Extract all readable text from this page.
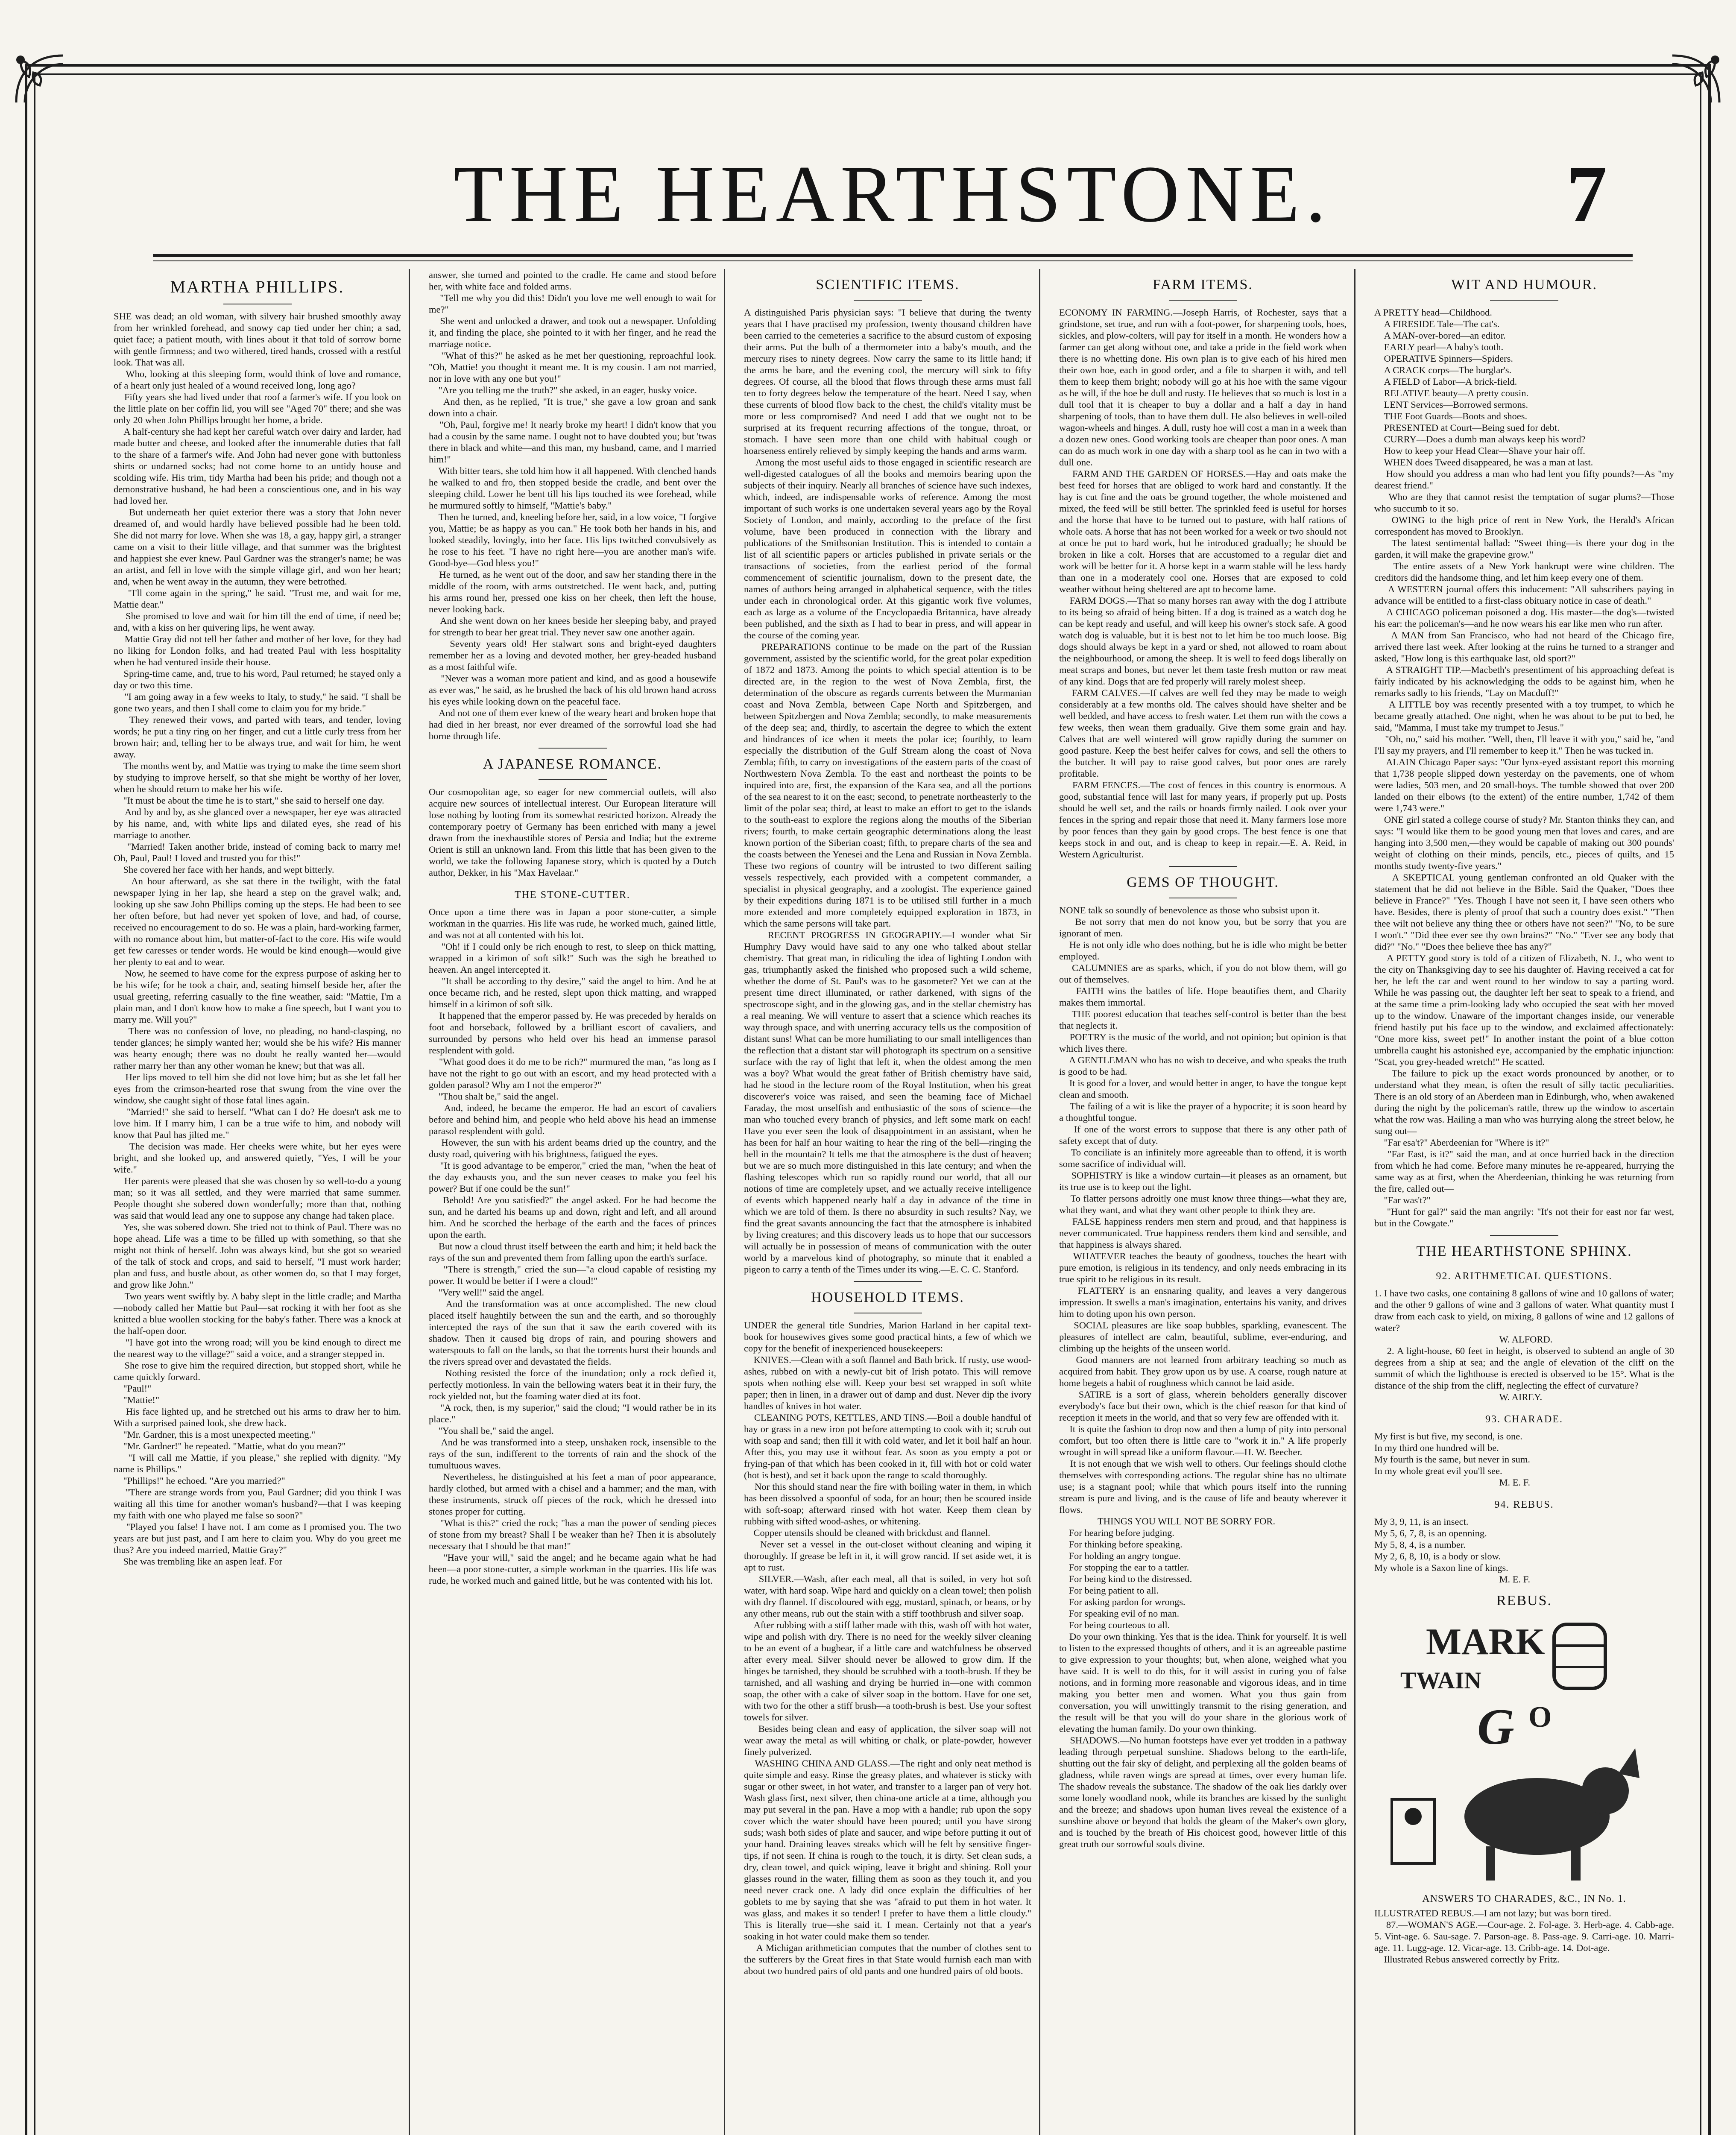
THE HEARTHSTONE.	7
MARTHA PHILLIPS.

SHE was dead; an old woman, with silvery hair brushed smoothly away from her wrinkled forehead, and snowy cap tied under her chin; a sad, quiet face; a patient mouth, with lines about it that told of sorrow borne with gentle firmness; and two withered, tired hands, crossed with a restful look. That was all.
Who, looking at this sleeping form, would think of love and romance, of a heart only just healed of a wound received long, long ago?
Fifty years she had lived under that roof a farmer's wife. If you look on the little plate on her coffin lid, you will see "Aged 70" there; and she was only 20 when John Phillips brought her home, a bride.
A half-century she had kept her careful watch over dairy and larder, had made butter and cheese, and looked after the innumerable duties that fall to the share of a farmer's wife. And John had never gone with buttonless shirts or undarned socks; had not come home to an untidy house and scolding wife. His trim, tidy Martha had been his pride; and though not a demonstrative husband, he had been a conscientious one, and in his way had loved her.
But underneath her quiet exterior there was a story that John never dreamed of, and would hardly have believed possible had he been told. She did not marry for love. When she was 18, a gay, happy girl, a stranger came on a visit to their little village, and that summer was the brightest and happiest she ever knew. Paul Gardner was the stranger's name; he was an artist, and fell in love with the simple village girl, and won her heart; and, when he went away in the autumn, they were betrothed.
"I'll come again in the spring," he said. "Trust me, and wait for me, Mattie dear."
She promised to love and wait for him till the end of time, if need be; and, with a kiss on her quivering lips, he went away.
Mattie Gray did not tell her father and mother of her love, for they had no liking for London folks, and had treated Paul with less hospitality when he had ventured inside their house.
Spring-time came, and, true to his word, Paul returned; he stayed only a day or two this time.
"I am going away in a few weeks to Italy, to study," he said. "I shall be gone two years, and then I shall come to claim you for my bride."
They renewed their vows, and parted with tears, and tender, loving words; he put a tiny ring on her finger, and cut a little curly tress from her brown hair; and, telling her to be always true, and wait for him, he went away.
The months went by, and Mattie was trying to make the time seem short by studying to improve herself, so that she might be worthy of her lover, when he should return to make her his wife.
"It must be about the time he is to start," she said to herself one day.
And by and by, as she glanced over a newspaper, her eye was attracted by his name, and, with white lips and dilated eyes, she read of his marriage to another.
"Married! Taken another bride, instead of coming back to marry me! Oh, Paul, Paul! I loved and trusted you for this!"
She covered her face with her hands, and wept bitterly.
An hour afterward, as she sat there in the twilight, with the fatal newspaper lying in her lap, she heard a step on the gravel walk; and, looking up she saw John Phillips coming up the steps. He had been to see her often before, but had never yet spoken of love, and had, of course, received no encouragement to do so. He was a plain, hard-working farmer, with no romance about him, but matter-of-fact to the core. His wife would get few caresses or tender words. He would be kind enough—would give her plenty to eat and to wear.
Now, he seemed to have come for the express purpose of asking her to be his wife; for he took a chair, and, seating himself beside her, after the usual greeting, referring casually to the fine weather, said: "Mattie, I'm a plain man, and I don't know how to make a fine speech, but I want you to marry me. Will you?"
There was no confession of love, no pleading, no hand-clasping, no tender glances; he simply wanted her; would she be his wife? His manner was hearty enough; there was no doubt he really wanted her—would rather marry her than any other woman he knew; but that was all.
Her lips moved to tell him she did not love him; but as she let fall her eyes from the crimson-hearted rose that swung from the vine over the window, she caught sight of those fatal lines again.
"Married!" she said to herself. "What can I do? He doesn't ask me to love him. If I marry him, I can be a true wife to him, and nobody will know that Paul has jilted me."
The decision was made. Her cheeks were white, but her eyes were bright, and she looked up, and answered quietly, "Yes, I will be your wife."
Her parents were pleased that she was chosen by so well-to-do a young man; so it was all settled, and they were married that same summer. People thought she sobered down wonderfully; more than that, nothing was said that would lead any one to suppose any change had taken place.
Yes, she was sobered down. She tried not to think of Paul. There was no hope ahead. Life was a time to be filled up with something, so that she might not think of herself. John was always kind, but she got so wearied of the talk of stock and crops, and said to herself, "I must work harder; plan and fuss, and bustle about, as other women do, so that I may forget, and grow like John."
Two years went swiftly by. A baby slept in the little cradle; and Martha—nobody called her Mattie but Paul—sat rocking it with her foot as she knitted a blue woollen stocking for the baby's father. There was a knock at the half-open door.
"I have got into the wrong road; will you be kind enough to direct me the nearest way to the village?" said a voice, and a stranger stepped in.
She rose to give him the required direction, but stopped short, while he came quickly forward.
"Paul!"
"Mattie!"
His face lighted up, and he stretched out his arms to draw her to him. With a surprised pained look, she drew back.
"Mr. Gardner, this is a most unexpected meeting."
"Mr. Gardner!" he repeated. "Mattie, what do you mean?"
"I will call me Mattie, if you please," she replied with dignity. "My name is Phillips."
"Phillips!" he echoed. "Are you married?"
"There are strange words from you, Paul Gardner; did you think I was waiting all this time for another woman's husband?—that I was keeping my faith with one who played me false so soon?"
"Played you false! I have not. I am come as I promised you. The two years are but just past, and I am here to claim you. Why do you greet me thus? Are you indeed married, Mattie Gray?"
She was trembling like an aspen leaf. For

answer, she turned and pointed to the cradle. He came and stood before her, with white face and folded arms.
"Tell me why you did this! Didn't you love me well enough to wait for me?"
She went and unlocked a drawer, and took out a newspaper. Unfolding it, and finding the place, she pointed to it with her finger, and he read the marriage notice.
"What of this?" he asked as he met her questioning, reproachful look. "Oh, Mattie! you thought it meant me. It is my cousin. I am not married, nor in love with any one but you!"
"Are you telling me the truth?" she asked, in an eager, husky voice.
And then, as he replied, "It is true," she gave a low groan and sank down into a chair.
"Oh, Paul, forgive me! It nearly broke my heart! I didn't know that you had a cousin by the same name. I ought not to have doubted you; but 'twas there in black and white—and this man, my husband, came, and I married him!"
With bitter tears, she told him how it all happened. With clenched hands he walked to and fro, then stopped beside the cradle, and bent over the sleeping child. Lower he bent till his lips touched its wee forehead, while he murmured softly to himself, "Mattie's baby."
Then he turned, and, kneeling before her, said, in a low voice, "I forgive you, Mattie; be as happy as you can." He took both her hands in his, and looked steadily, lovingly, into her face. His lips twitched convulsively as he rose to his feet. "I have no right here—you are another man's wife. Good-bye—God bless you!"
He turned, as he went out of the door, and saw her standing there in the middle of the room, with arms outstretched. He went back, and, putting his arms round her, pressed one kiss on her cheek, then left the house, never looking back.
And she went down on her knees beside her sleeping baby, and prayed for strength to bear her great trial. They never saw one another again.
Seventy years old! Her stalwart sons and bright-eyed daughters remember her as a loving and devoted mother, her grey-headed husband as a most faithful wife.
"Never was a woman more patient and kind, and as good a housewife as ever was," he said, as he brushed the back of his old brown hand across his eyes while looking down on the peaceful face.
And not one of them ever knew of the weary heart and broken hope that had died in her breast, nor ever dreamed of the sorrowful load she had borne through life.

A JAPANESE ROMANCE.

Our cosmopolitan age, so eager for new commercial outlets, will also acquire new sources of intellectual interest. Our European literature will lose nothing by looting from its somewhat restricted horizon. Already the contemporary poetry of Germany has been enriched with many a jewel drawn from the inexhaustible stores of Persia and India; but the extreme Orient is still an unknown land. From this little that has been given to the world, we take the following Japanese story, which is quoted by a Dutch author, Dekker, in his "Max Havelaar."

THE STONE-CUTTER.

Once upon a time there was in Japan a poor stone-cutter, a simple workman in the quarries. His life was rude, he worked much, gained little, and was not at all contented with his lot.
"Oh! if I could only be rich enough to rest, to sleep on thick matting, wrapped in a kirimon of soft silk!" Such was the sigh he breathed to heaven. An angel intercepted it.
"It shall be according to thy desire," said the angel to him. And he at once became rich, and he rested, slept upon thick matting, and wrapped himself in a kirimon of soft silk.
It happened that the emperor passed by. He was preceded by heralds on foot and horseback, followed by a brilliant escort of cavaliers, and surrounded by persons who held over his head an immense parasol resplendent with gold.
"What good does it do me to be rich?" murmured the man, "as long as I have not the right to go out with an escort, and my head protected with a golden parasol? Why am I not the emperor?"
"Thou shalt be," said the angel.
And, indeed, he became the emperor. He had an escort of cavaliers before and behind him, and people who held above his head an immense parasol resplendent with gold.
However, the sun with his ardent beams dried up the country, and the dusty road, quivering with his brightness, fatigued the eyes.
"It is good advantage to be emperor," cried the man, "when the heat of the day exhausts you, and the sun never ceases to make you feel his power? But if one could be the sun!"
Behold! Are you satisfied?" the angel asked. For he had become the sun, and he darted his beams up and down, right and left, and all around him. And he scorched the herbage of the earth and the faces of princes upon the earth.
But now a cloud thrust itself between the earth and him; it held back the rays of the sun and prevented them from falling upon the earth's surface.
"There is strength," cried the sun—"a cloud capable of resisting my power. It would be better if I were a cloud!"
"Very well!" said the angel.
And the transformation was at once accomplished. The new cloud placed itself haughtily between the sun and the earth, and so thoroughly intercepted the rays of the sun that it saw the earth covered with its shadow. Then it caused big drops of rain, and pouring showers and waterspouts to fall on the lands, so that the torrents burst their bounds and the rivers spread over and devastated the fields.
Nothing resisted the force of the inundation; only a rock defied it, perfectly motionless. In vain the bellowing waters beat it in their fury, the rock yielded not, but the foaming water died at its foot.
"A rock, then, is my superior," said the cloud; "I would rather be in its place."
"You shall be," said the angel.
And he was transformed into a steep, unshaken rock, insensible to the rays of the sun, indifferent to the torrents of rain and the shock of the tumultuous waves.
Nevertheless, he distinguished at his feet a man of poor appearance, hardly clothed, but armed with a chisel and a hammer; and the man, with these instruments, struck off pieces of the rock, which he dressed into stones proper for cutting.
"What is this?" cried the rock; "has a man the power of sending pieces of stone from my breast? Shall I be weaker than he? Then it is absolutely necessary that I should be that man!"
"Have your will," said the angel; and he became again what he had been—a poor stone-cutter, a simple workman in the quarries. His life was rude, he worked much and gained little, but he was contented with his lot.

SCIENTIFIC ITEMS.

A distinguished Paris physician says: "I believe that during the twenty years that I have practised my profession, twenty thousand children have been carried to the cemeteries a sacrifice to the absurd custom of exposing their arms. Put the bulb of a thermometer into a baby's mouth, and the mercury rises to ninety degrees. Now carry the same to its little hand; if the arms be bare, and the evening cool, the mercury will sink to fifty degrees. Of course, all the blood that flows through these arms must fall ten to forty degrees below the temperature of the heart. Need I say, when these currents of blood flow back to the chest, the child's vitality must be more or less compromised? And need I add that we ought not to be surprised at its frequent recurring affections of the tongue, throat, or stomach. I have seen more than one child with habitual cough or hoarseness entirely relieved by simply keeping the hands and arms warm.
Among the most useful aids to those engaged in scientific research are well-digested catalogues of all the books and memoirs bearing upon the subjects of their inquiry. Nearly all branches of science have such indexes, which, indeed, are indispensable works of reference. Among the most important of such works is one undertaken several years ago by the Royal Society of London, and mainly, according to the preface of the first volume, have been produced in connection with the library and publications of the Smithsonian Institution. This is intended to contain a list of all scientific papers or articles published in private serials or the transactions of societies, from the earliest period of the formal commencement of scientific journalism, down to the present date, the names of authors being arranged in alphabetical sequence, with the titles under each in chronological order. At this gigantic work five volumes, each as large as a volume of the Encyclopaedia Britannica, have already been published, and the sixth as I had to bear in press, and will appear in the course of the coming year.
PREPARATIONS continue to be made on the part of the Russian government, assisted by the scientific world, for the great polar expedition of 1872 and 1873. Among the points to which special attention is to be directed are, in the region to the west of Nova Zembla, first, the determination of the obscure as regards currents between the Murmanian coast and Nova Zembla, between Cape North and Spitzbergen, and between Spitzbergen and Nova Zembla; secondly, to make measurements of the deep sea; and, thirdly, to ascertain the degree to which the extent and hindrances of ice when it meets the polar ice; fourthly, to learn especially the distribution of the Gulf Stream along the coast of Nova Zembla; fifth, to carry on investigations of the eastern parts of the coast of Northwestern Nova Zembla. To the east and northeast the points to be inquired into are, first, the expansion of the Kara sea, and all the portions of the sea nearest to it on the east; second, to penetrate northeasterly to the limit of the polar sea; third, at least to make an effort to get to the islands to the south-east to explore the regions along the mouths of the Siberian rivers; fourth, to make certain geographic determinations along the least known portion of the Siberian coast; fifth, to prepare charts of the sea and the coasts between the Yenesei and the Lena and Russian in Nova Zembla. These two regions of country will be intrusted to two different sailing vessels respectively, each provided with a competent commander, a specialist in physical geography, and a zoologist. The experience gained by their expeditions during 1871 is to be utilised still further in a much more extended and more completely equipped exploration in 1873, in which the same persons will take part.
RECENT PROGRESS IN GEOGRAPHY.—I wonder what Sir Humphry Davy would have said to any one who talked about stellar chemistry. That great man, in ridiculing the idea of lighting London with gas, triumphantly asked the finished who proposed such a wild scheme, whether the dome of St. Paul's was to be gasometer? Yet we can at the present time direct illuminated, or rather darkened, with signs of the spectroscope sight, and in the glowing gas, and in the stellar chemistry has a real meaning. We will venture to assert that a science which reaches its way through space, and with unerring accuracy tells us the composition of distant suns! What can be more humiliating to our small intelligences than the reflection that a distant star will photograph its spectrum on a sensitive surface with the ray of light that left it, when the oldest among the men was a boy? What would the great father of British chemistry have said, had he stood in the lecture room of the Royal Institution, when his great discoverer's voice was raised, and seen the beaming face of Michael Faraday, the most unselfish and enthusiastic of the sons of science—the man who touched every branch of physics, and left some mark on each! Have you ever seen the look of disappointment in an assistant, when he has been for half an hour waiting to hear the ring of the bell—ringing the bell in the mountain? It tells me that the atmosphere is the dust of heaven; but we are so much more distinguished in this late century; and when the flashing telescopes which run so rapidly round our world, that all our notions of time are completely upset, and we actually receive intelligence of events which happened nearly half a day in advance of the time in which we are told of them. Is there no absurdity in such results? Nay, we find the great savants announcing the fact that the atmosphere is inhabited by living creatures; and this discovery leads us to hope that our successors will actually be in possession of means of communication with the outer world by a marvelous kind of photography, so minute that it enabled a pigeon to carry a tenth of the Times under its wing.—E. C. C. Stanford.

HOUSEHOLD ITEMS.

UNDER the general title Sundries, Marion Harland in her capital text-book for housewives gives some good practical hints, a few of which we copy for the benefit of inexperienced housekeepers:
KNIVES.—Clean with a soft flannel and Bath brick. If rusty, use wood-ashes, rubbed on with a newly-cut bit of Irish potato. This will remove spots when nothing else will. Keep your best set wrapped in soft white paper; then in linen, in a drawer out of damp and dust. Never dip the ivory handles of knives in hot water.
CLEANING POTS, KETTLES, AND TINS.—Boil a double handful of hay or grass in a new iron pot before attempting to cook with it; scrub out with soap and sand; then fill it with cold water, and let it boil half an hour. After this, you may use it without fear. As soon as you empty a pot or frying-pan of that which has been cooked in it, fill with hot or cold water (hot is best), and set it back upon the range to scald thoroughly.
Nor this should stand near the fire with boiling water in them, in which has been dissolved a spoonful of soda, for an hour; then be scoured inside with soft-soap; afterward rinsed with hot water. Keep them clean by rubbing with sifted wood-ashes, or whitening.
Copper utensils should be cleaned with brickdust and flannel.
Never set a vessel in the out-closet without cleaning and wiping it thoroughly. If grease be left in it, it will grow rancid. If set aside wet, it is apt to rust.
SILVER.—Wash, after each meal, all that is soiled, in very hot soft water, with hard soap. Wipe hard and quickly on a clean towel; then polish with dry flannel. If discoloured with egg, mustard, spinach, or beans, or by any other means, rub out the stain with a stiff toothbrush and silver soap.
After rubbing with a stiff lather made with this, wash off with hot water, wipe and polish with dry. There is no need for the weekly silver cleaning to be an event of a bugbear, if a little care and watchfulness be observed after every meal. Silver should never be allowed to grow dim. If the hinges be tarnished, they should be scrubbed with a tooth-brush. If they be tarnished, and all washing and drying be hurried in—one with common soap, the other with a cake of silver soap in the bottom. Have for one set, with two for the other a stiff brush—a tooth-brush is best. Use your softest towels for silver.
Besides being clean and easy of application, the silver soap will not wear away the metal as will whiting or chalk, or plate-powder, however finely pulverized.
WASHING CHINA AND GLASS.—The right and only neat method is quite simple and easy. Rinse the greasy plates, and whatever is sticky with sugar or other sweet, in hot water, and transfer to a larger pan of very hot. Wash glass first, next silver, then china-one article at a time, although you may put several in the pan. Have a mop with a handle; rub upon the sopy cover which the water should have been poured; until you have strong suds; wash both sides of plate and saucer, and wipe before putting it out of your hand. Draining leaves streaks which will be felt by sensitive finger-tips, if not seen. If china is rough to the touch, it is dirty. Set clean suds, a dry, clean towel, and quick wiping, leave it bright and shining. Roll your glasses round in the water, filling them as soon as they touch it, and you need never crack one. A lady did once explain the difficulties of her goblets to me by saying that she was "afraid to put them in hot water. It was glass, and makes it so tender! I prefer to have them a little cloudy." This is literally true—she said it. I mean. Certainly not that a year's soaking in hot water could make them so tender.
A Michigan arithmetician computes that the number of clothes sent to the sufferers by the Great fires in that State would furnish each man with about two hundred pairs of old pants and one hundred pairs of old boots.

FARM ITEMS.

ECONOMY IN FARMING.—Joseph Harris, of Rochester, says that a grindstone, set true, and run with a foot-power, for sharpening tools, hoes, sickles, and plow-colters, will pay for itself in a month. He wonders how a farmer can get along without one, and take a pride in the field work when there is no whetting done. His own plan is to give each of his hired men their own hoe, each in good order, and a file to sharpen it with, and tell them to keep them bright; nobody will go at his hoe with the same vigour as he will, if the hoe be dull and rusty. He believes that so much is lost in a dull tool that it is cheaper to buy a dollar and a half a day in hand sharpening of tools, than to have them dull. He also believes in well-oiled wagon-wheels and hinges. A dull, rusty hoe will cost a man in a week than a dozen new ones. Good working tools are cheaper than poor ones. A man can do as much work in one day with a sharp tool as he can in two with a dull one.
FARM AND THE GARDEN OF HORSES.—Hay and oats make the best feed for horses that are obliged to work hard and constantly. If the hay is cut fine and the oats be ground together, the whole moistened and mixed, the feed will be still better. The sprinkled feed is useful for horses and the horse that have to be turned out to pasture, with half rations of whole oats. A horse that has not been worked for a week or two should not at once be put to hard work, but be introduced gradually; he should be broken in like a colt. Horses that are accustomed to a regular diet and work will be better for it. A horse kept in a warm stable will be less hardy than one in a moderately cool one. Horses that are exposed to cold weather without being sheltered are apt to become lame.
FARM DOGS.—That so many horses ran away with the dog I attribute to its being so afraid of being bitten. If a dog is trained as a watch dog he can be kept ready and useful, and will keep his owner's stock safe. A good watch dog is valuable, but it is best not to let him be too much loose. Big dogs should always be kept in a yard or shed, not allowed to roam about the neighbourhood, or among the sheep. It is well to feed dogs liberally on meat scraps and bones, but never let them taste fresh mutton or raw meat of any kind. Dogs that are fed properly will rarely molest sheep.
FARM CALVES.—If calves are well fed they may be made to weigh considerably at a few months old. The calves should have shelter and be well bedded, and have access to fresh water. Let them run with the cows a few weeks, then wean them gradually. Give them some grain and hay. Calves that are well wintered will grow rapidly during the summer on good pasture. Keep the best heifer calves for cows, and sell the others to the butcher. It will pay to raise good calves, but poor ones are rarely profitable.
FARM FENCES.—The cost of fences in this country is enormous. A good, substantial fence will last for many years, if properly put up. Posts should be well set, and the rails or boards firmly nailed. Look over your fences in the spring and repair those that need it. Many farmers lose more by poor fences than they gain by good crops. The best fence is one that keeps stock in and out, and is cheap to keep in repair.—E. A. Reid, in Western Agriculturist.

GEMS OF THOUGHT.

NONE talk so soundly of benevolence as those who subsist upon it.
Be not sorry that men do not know you, but be sorry that you are ignorant of men.
He is not only idle who does nothing, but he is idle who might be better employed.
CALUMNIES are as sparks, which, if you do not blow them, will go out of themselves.
FAITH wins the battles of life. Hope beautifies them, and Charity makes them immortal.
THE poorest education that teaches self-control is better than the best that neglects it.
POETRY is the music of the world, and not opinion; but opinion is that which lives there.
A GENTLEMAN who has no wish to deceive, and who speaks the truth is good to be had.
It is good for a lover, and would better in anger, to have the tongue kept clean and smooth.
The failing of a wit is like the prayer of a hypocrite; it is soon heard by a thoughtful tongue.
If one of the worst errors to suppose that there is any other path of safety except that of duty.
To conciliate is an infinitely more agreeable than to offend, it is worth some sacrifice of individual will.
SOPHISTRY is like a window curtain—it pleases as an ornament, but its true use is to keep out the light.
To flatter persons adroitly one must know three things—what they are, what they want, and what they want other people to think they are.
FALSE happiness renders men stern and proud, and that happiness is never communicated. True happiness renders them kind and sensible, and that happiness is always shared.
WHATEVER teaches the beauty of goodness, touches the heart with pure emotion, is religious in its tendency, and only needs embracing in its true spirit to be religious in its result.
FLATTERY is an ensnaring quality, and leaves a very dangerous impression. It swells a man's imagination, entertains his vanity, and drives him to doting upon his own person.
SOCIAL pleasures are like soap bubbles, sparkling, evanescent. The pleasures of intellect are calm, beautiful, sublime, ever-enduring, and climbing up the heights of the unseen world.
Good manners are not learned from arbitrary teaching so much as acquired from habit. They grow upon us by use. A coarse, rough nature at home begets a habit of roughness which cannot be laid aside.
SATIRE is a sort of glass, wherein beholders generally discover everybody's face but their own, which is the chief reason for that kind of reception it meets in the world, and that so very few are offended with it.
It is quite the fashion to drop now and then a lump of pity into personal comfort, but too often there is little care to "work it in." A life properly wrought in will spread like a uniform flavour.—H. W. Beecher.
It is not enough that we wish well to others. Our feelings should clothe themselves with corresponding actions. The regular shine has no ultimate use; is a stagnant pool; while that which pours itself into the running stream is pure and living, and is the cause of life and beauty wherever it flows.
THINGS YOU WILL NOT BE SORRY FOR.
For hearing before judging.
For thinking before speaking.
For holding an angry tongue.
For stopping the ear to a tattler.
For being kind to the distressed.
For being patient to all.
For asking pardon for wrongs.
For speaking evil of no man.
For being courteous to all.
Do your own thinking. Yes that is the idea. Think for yourself. It is well to listen to the expressed thoughts of others, and it is an agreeable pastime to give expression to your thoughts; but, when alone, weighed what you have said. It is well to do this, for it will assist in curing you of false notions, and in forming more reasonable and vigorous ideas, and in time making you better men and women. What you thus gain from conversation, you will unwittingly transmit to the rising generation, and the result will be that you will do your share in the glorious work of elevating the human family. Do your own thinking.
SHADOWS.—No human footsteps have ever yet trodden in a pathway leading through perpetual sunshine. Shadows belong to the earth-life, shutting out the fair sky of delight, and perplexing all the golden beams of gladness, while raven wings are spread at times, over every human life. The shadow reveals the substance. The shadow of the oak lies darkly over some lonely woodland nook, while its branches are kissed by the sunlight and the breeze; and shadows upon human lives reveal the existence of a sunshine above or beyond that holds the gleam of the Maker's own glory, and is touched by the breath of His choicest good, however little of this great truth our sorrowful souls divine.

WIT AND HUMOUR.

A PRETTY head—Childhood.
A FIRESIDE Tale—The cat's.
A MAN-over-bored—an editor.
EARLY pearl—A baby's tooth.
OPERATIVE Spinners—Spiders.
A CRACK corps—The burglar's.
A FIELD of Labor—A brick-field.
RELATIVE beauty—A pretty cousin.
LENT Services—Borrowed sermons.
THE Foot Guards—Boots and shoes.
PRESENTED at Court—Being sued for debt.
CURRY—Does a dumb man always keep his word?
How to keep your Head Clear—Shave your hair off.
WHEN does Tweed disappeared, he was a man at last.
How should you address a man who had lent you fifty pounds?—As "my dearest friend."
Who are they that cannot resist the temptation of sugar plums?—Those who succumb to it so.
OWING to the high price of rent in New York, the Herald's African correspondent has moved to Brooklyn.
The latest sentimental ballad: "Sweet thing—is there your dog in the garden, it will make the grapevine grow."
The entire assets of a New York bankrupt were wine children. The creditors did the handsome thing, and let him keep every one of them.
A WESTERN journal offers this inducement: "All subscribers paying in advance will be entitled to a first-class obituary notice in case of death."
A CHICAGO policeman poisoned a dog. His master—the dog's—twisted his ear: the policeman's—and he now wears his ear like men who run after.
A MAN from San Francisco, who had not heard of the Chicago fire, arrived there last week. After looking at the ruins he turned to a stranger and asked, "How long is this earthquake last, old sport?"
A STRAIGHT TIP.—Macbeth's presentiment of his approaching defeat is fairly indicated by his acknowledging the odds to be against him, when he remarks sadly to his friends, "Lay on Macduff!"
A LITTLE boy was recently presented with a toy trumpet, to which he became greatly attached. One night, when he was about to be put to bed, he said, "Mamma, I must take my trumpet to Jesus."
"Oh, no," said his mother. "Well, then, I'll leave it with you," said he, "and I'll say my prayers, and I'll remember to keep it." Then he was tucked in.
ALAIN Chicago Paper says: "Our lynx-eyed assistant report this morning that 1,738 people slipped down yesterday on the pavements, one of whom were ladies, 503 men, and 20 small-boys. The tumble showed that over 200 landed on their elbows (to the extent) of the entire number, 1,742 of them were 1,743 were."
ONE girl stated a college course of study? Mr. Stanton thinks they can, and says: "I would like them to be good young men that loves and cares, and are hanging into 3,500 men,—they would be capable of making out 300 pounds' weight of clothing on their minds, pencils, etc., pieces of quilts, and 15 months study twenty-five years."
A SKEPTICAL young gentleman confronted an old Quaker with the statement that he did not believe in the Bible. Said the Quaker, "Does thee believe in France?" "Yes. Though I have not seen it, I have seen others who have. Besides, there is plenty of proof that such a country does exist." "Then thee wilt not believe any thing thee or others have not seen?" "No, to be sure I won't." "Did thee ever see thy own brains?" "No." "Ever see any body that did?" "No." "Does thee believe thee has any?"
A PETTY good story is told of a citizen of Elizabeth, N. J., who went to the city on Thanksgiving day to see his daughter of. Having received a cat for her, he left the car and went round to her window to say a parting word. While he was passing out, the daughter left her seat to speak to a friend, and at the same time a prim-looking lady who occupied the seat with her moved up to the window. Unaware of the important changes inside, our venerable friend hastily put his face up to the window, and exclaimed affectionately: "One more kiss, sweet pet!" In another instant the point of a blue cotton umbrella caught his astonished eye, accompanied by the emphatic injunction: "Scat, you grey-headed wretch!" He scatted.
The failure to pick up the exact words pronounced by another, or to understand what they mean, is often the result of silly tactic peculiarities. There is an old story of an Aberdeen man in Edinburgh, who, when awakened during the night by the policeman's rattle, threw up the window to ascertain what the row was. Hailing a man who was hurrying along the street below, he sung out—
"Far esa't?" Aberdeenian for "Where is it?"
"Far East, is it?" said the man, and at once hurried back in the direction from which he had come. Before many minutes he re-appeared, hurrying the same way as at first, when the Aberdeenian, thinking he was returning from the fire, called out—
"Far was't?"
"Hunt for gal?" said the man angrily: "It's not their for east nor far west, but in the Cowgate."

THE HEARTHSTONE SPHINX.
92. ARITHMETICAL QUESTIONS.

1. I have two casks, one containing 8 gallons of wine and 10 gallons of water; and the other 9 gallons of wine and 3 gallons of water. What quantity must I draw from each cask to yield, on mixing, 8 gallons of wine and 12 gallons of water?
W. ALFORD.
2. A light-house, 60 feet in height, is observed to subtend an angle of 30 degrees from a ship at sea; and the angle of elevation of the cliff on the summit of which the lighthouse is erected is observed to be 15°. What is the distance of the ship from the cliff, neglecting the effect of curvature?
W. AIREY.

93. CHARADE.

My first is but five, my second, is one.
In my third one hundred will be.
My fourth is the same, but never in sum.
In my whole great evil you'll see.
M. E. F.

94. REBUS.

My 3, 9, 11, is an insect.
My 5, 6, 7, 8, is an openning.
My 5, 8, 4, is a number.
My 2, 6, 8, 10, is a body or slow.
My whole is a Saxon line of kings.
M. E. F.

REBUS.
MARK
TWAIN
G O
ANSWERS TO CHARADES, &C., IN No. 1.

ILLUSTRATED REBUS.—I am not lazy; but was born tired.
87.—WOMAN'S AGE.—Cour-age. 2. Fol-age. 3. Herb-age. 4. Cabb-age. 5. Vint-age. 6. Sau-sage. 7. Parson-age. 8. Pass-age. 9. Carri-age. 10. Marri-age. 11. Lugg-age. 12. Vicar-age. 13. Cribb-age. 14. Dot-age.
Illustrated Rebus answered correctly by Fritz.
